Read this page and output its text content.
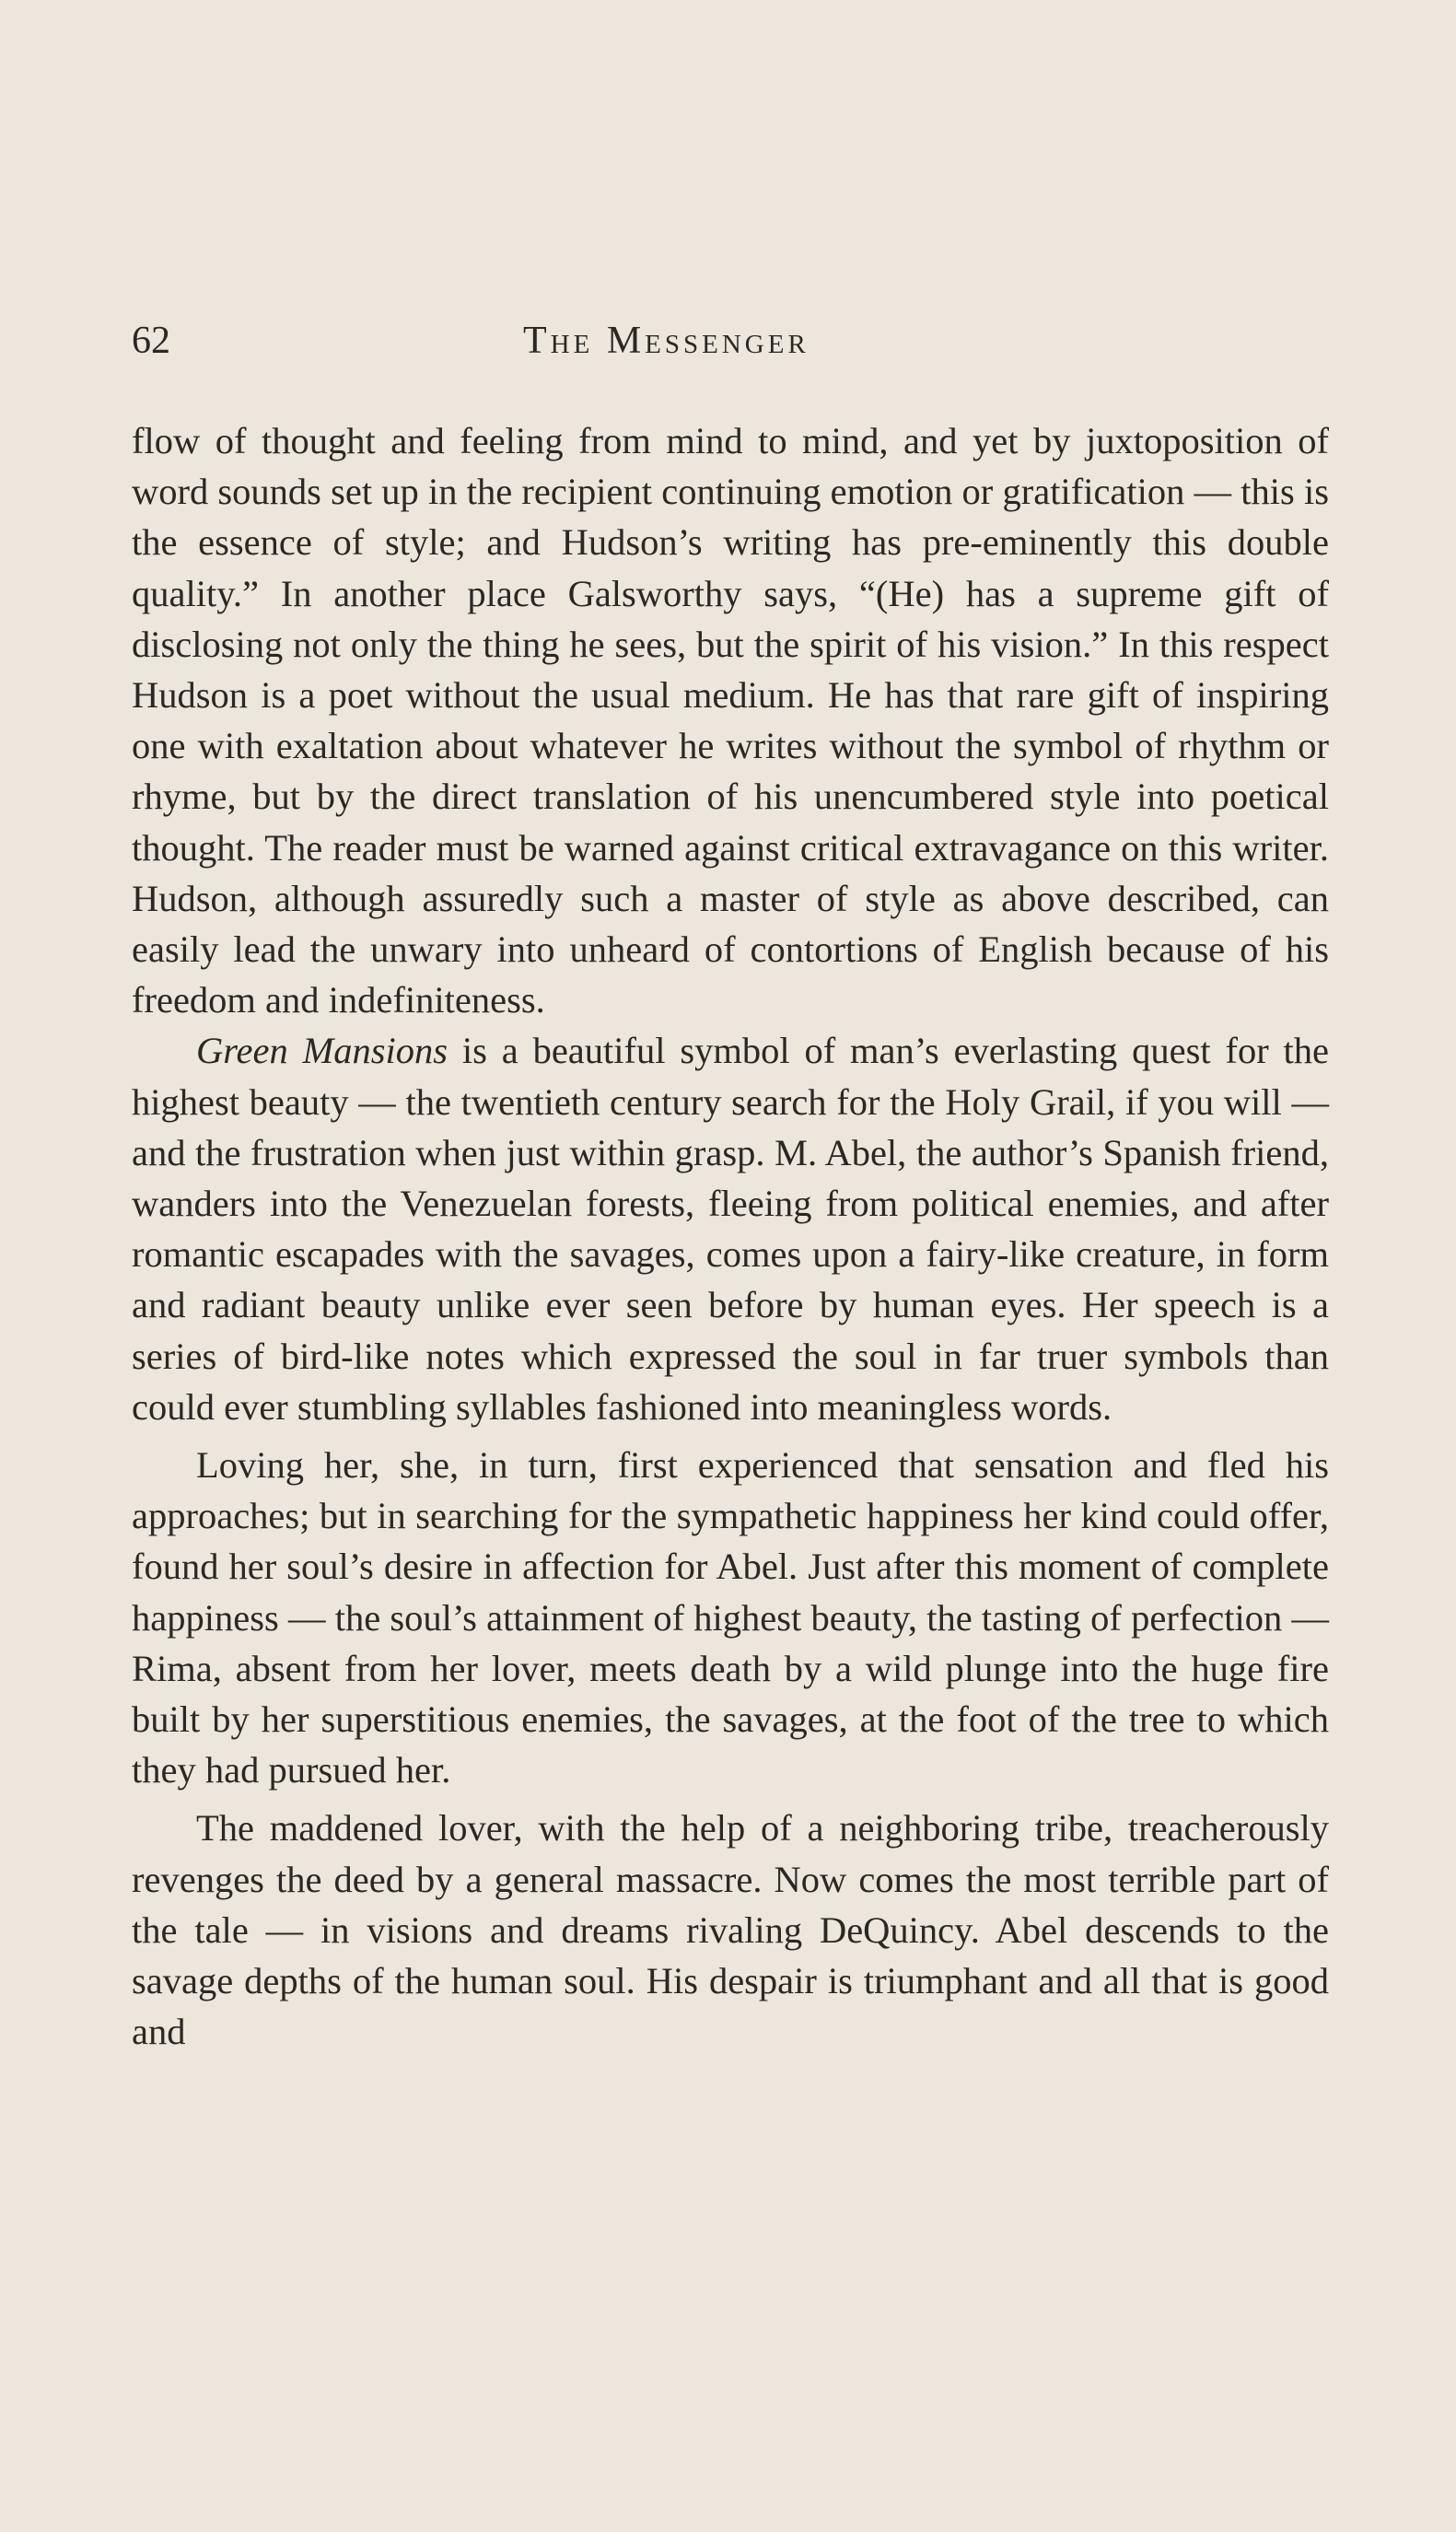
62	The Messenger

flow of thought and feeling from mind to mind, and yet by juxtoposition of word sounds set up in the recipient continuing emotion or gratification — this is the essence of style; and Hudson’s writing has pre-eminently this double quality.” In another place Galsworthy says, “(He) has a supreme gift of disclosing not only the thing he sees, but the spirit of his vision.” In this respect Hudson is a poet without the usual medium. He has that rare gift of inspiring one with exaltation about whatever he writes without the symbol of rhythm or rhyme, but by the direct translation of his unencumbered style into poetical thought. The reader must be warned against critical extravagance on this writer. Hudson, although assuredly such a master of style as above described, can easily lead the unwary into unheard of contortions of English because of his freedom and indefiniteness.

Green Mansions is a beautiful symbol of man’s everlasting quest for the highest beauty — the twentieth century search for the Holy Grail, if you will — and the frustration when just within grasp. M. Abel, the author’s Spanish friend, wanders into the Venezuelan forests, fleeing from political enemies, and after romantic escapades with the savages, comes upon a fairy-like creature, in form and radiant beauty unlike ever seen before by human eyes. Her speech is a series of bird-like notes which expressed the soul in far truer symbols than could ever stumbling syllables fashioned into meaningless words.

Loving her, she, in turn, first experienced that sensation and fled his approaches; but in searching for the sympathetic happiness her kind could offer, found her soul’s desire in affection for Abel. Just after this moment of complete happiness — the soul’s attainment of highest beauty, the tasting of perfection — Rima, absent from her lover, meets death by a wild plunge into the huge fire built by her superstitious enemies, the savages, at the foot of the tree to which they had pursued her.

The maddened lover, with the help of a neighboring tribe, treacherously revenges the deed by a general massacre. Now comes the most terrible part of the tale — in visions and dreams rivaling DeQuincy. Abel descends to the savage depths of the human soul. His despair is triumphant and all that is good and
